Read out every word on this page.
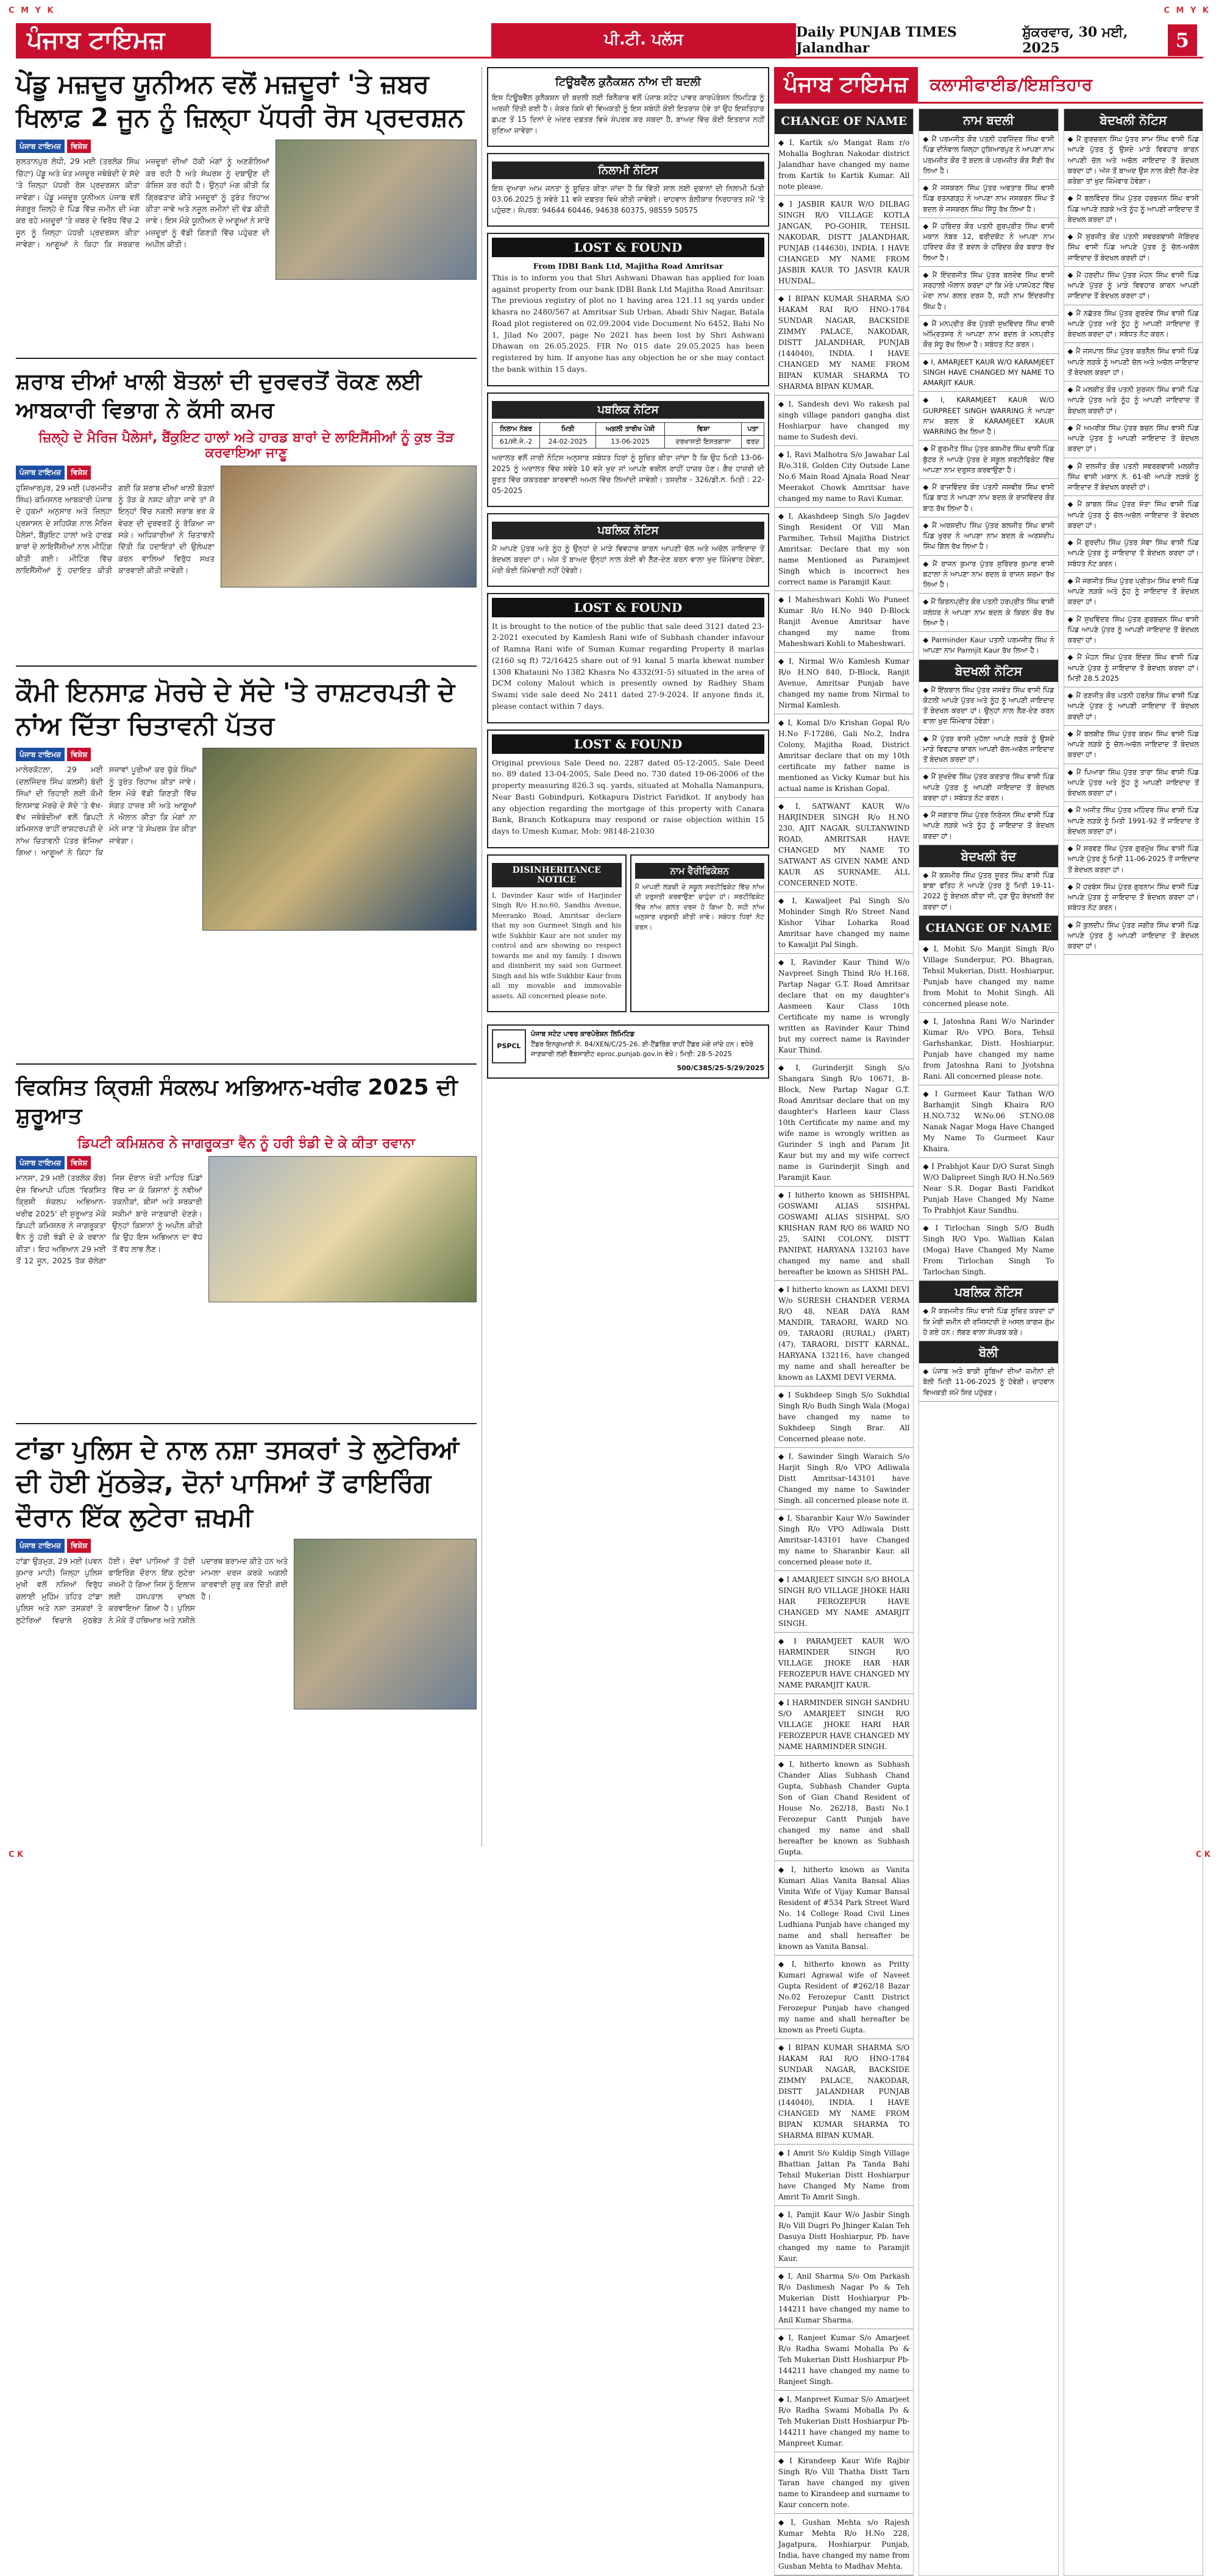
C M Y K	C M Y K
ਪੰਜਾਬ ਟਾਇਮਜ਼	ਪੀ.ਟੀ. ਪਲੱਸ	Daily PUNJAB TIMES Jalandhar

ਸ਼ੁੱਕਰਵਾਰ, 30 ਮਈ, 2025	5
ਪੇਂਡੂ ਮਜ਼ਦੂਰ ਯੂਨੀਅਨ ਵਲੋਂ ਮਜ਼ਦੂਰਾਂ 'ਤੇ ਜ਼ਬਰ ਖਿਲਾਫ਼ 2 ਜੂਨ ਨੂੰ ਜ਼ਿਲ੍ਹਾ ਪੱਧਰੀ ਰੋਸ ਪ੍ਰਦਰਸ਼ਨ
ਪੰਜਾਬ ਟਾਇਮਜ਼	ਵਿਸ਼ੇਸ਼
ਸੁਲਤਾਨਪੁਰ ਲੋਧੀ, 29 ਮਈ (ਤਰਲੋਕ ਸਿੰਘ ਚਿੱਟਾ) ਪੇਂਡੂ ਅਤੇ ਖੇਤ ਮਜ਼ਦੂਰ ਜਥੇਬੰਦੀ ਦੇ ਸੱਦੇ 'ਤੇ ਜ਼ਿਲ੍ਹਾ ਪੱਧਰੀ ਰੋਸ ਪ੍ਰਦਰਸ਼ਨ ਕੀਤਾ ਜਾਵੇਗਾ। ਪੇਂਡੂ ਮਜ਼ਦੂਰ ਯੂਨੀਅਨ ਪੰਜਾਬ ਵਲੋਂ ਸੰਗਰੂਰ ਜ਼ਿਲ੍ਹੇ ਦੇ ਪਿੰਡ ਵਿੱਚ ਜ਼ਮੀਨ ਦੀ ਮੰਗ ਕਰ ਰਹੇ ਮਜ਼ਦੂਰਾਂ 'ਤੇ ਜ਼ਬਰ ਦੇ ਵਿਰੋਧ ਵਿੱਚ 2 ਜੂਨ ਨੂੰ ਜ਼ਿਲ੍ਹਾ ਪੱਧਰੀ ਪ੍ਰਦਰਸ਼ਨ ਕੀਤਾ ਜਾਵੇਗਾ। ਆਗੂਆਂ ਨੇ ਕਿਹਾ ਕਿ ਸਰਕਾਰ ਮਜ਼ਦੂਰਾਂ ਦੀਆਂ ਹੱਕੀ ਮੰਗਾਂ ਨੂੰ ਅਣਗੌਲਿਆਂ ਕਰ ਰਹੀ ਹੈ ਅਤੇ ਸੰਘਰਸ਼ ਨੂੰ ਦਬਾਉਣ ਦੀ ਕੋਸ਼ਿਸ਼ ਕਰ ਰਹੀ ਹੈ। ਉਨ੍ਹਾਂ ਮੰਗ ਕੀਤੀ ਕਿ ਗ੍ਰਿਫ਼ਤਾਰ ਕੀਤੇ ਮਜ਼ਦੂਰਾਂ ਨੂੰ ਤੁਰੰਤ ਰਿਹਾਅ ਕੀਤਾ ਜਾਵੇ ਅਤੇ ਨਜ਼ੂਲ ਜ਼ਮੀਨਾਂ ਦੀ ਵੰਡ ਕੀਤੀ ਜਾਵੇ। ਇਸ ਮੌਕੇ ਯੂਨੀਅਨ ਦੇ ਆਗੂਆਂ ਨੇ ਸਾਰੇ ਮਜ਼ਦੂਰਾਂ ਨੂੰ ਵੱਡੀ ਗਿਣਤੀ ਵਿੱਚ ਪਹੁੰਚਣ ਦੀ ਅਪੀਲ ਕੀਤੀ।
ਸ਼ਰਾਬ ਦੀਆਂ ਖਾਲੀ ਬੋਤਲਾਂ ਦੀ ਦੁਰਵਰਤੋਂ ਰੋਕਣ ਲਈ ਆਬਕਾਰੀ ਵਿਭਾਗ ਨੇ ਕੱਸੀ ਕਮਰ
ਜ਼ਿਲ੍ਹੇ ਦੇ ਮੈਰਿਜ ਪੈਲੇਸਾਂ, ਬੈਂਕੁਇਟ ਹਾਲਾਂ ਅਤੇ ਹਾਰਡ ਬਾਰਾਂ ਦੇ ਲਾਇਸੈਂਸੀਆਂ ਨੂੰ ਕੁਝ ਤੋੜ ਕਰਵਾਇਆ ਜਾਣੂ
ਪੰਜਾਬ ਟਾਇਮਜ਼	ਵਿਸ਼ੇਸ਼
ਹੁਸ਼ਿਆਰਪੁਰ, 29 ਮਈ (ਪਰਮਜੀਤ ਸਿੰਘ) ਕਮਿਸ਼ਨਰ ਆਬਕਾਰੀ ਪੰਜਾਬ ਦੇ ਹੁਕਮਾਂ ਅਨੁਸਾਰ ਅਤੇ ਜ਼ਿਲ੍ਹਾ ਪ੍ਰਸ਼ਾਸਨ ਦੇ ਸਹਿਯੋਗ ਨਾਲ ਮੈਰਿਜ ਪੈਲੇਸਾਂ, ਬੈਂਕੁਇਟ ਹਾਲਾਂ ਅਤੇ ਹਾਰਡ ਬਾਰਾਂ ਦੇ ਲਾਇਸੈਂਸੀਆਂ ਨਾਲ ਮੀਟਿੰਗ ਕੀਤੀ ਗਈ। ਮੀਟਿੰਗ ਵਿੱਚ ਲਾਇਸੈਂਸੀਆਂ ਨੂੰ ਹਦਾਇਤ ਕੀਤੀ ਗਈ ਕਿ ਸ਼ਰਾਬ ਦੀਆਂ ਖਾਲੀ ਬੋਤਲਾਂ ਨੂੰ ਤੋੜ ਕੇ ਨਸ਼ਟ ਕੀਤਾ ਜਾਵੇ ਤਾਂ ਜੋ ਇਨ੍ਹਾਂ ਵਿੱਚ ਨਕਲੀ ਸ਼ਰਾਬ ਭਰ ਕੇ ਵੇਚਣ ਦੀ ਦੁਰਵਰਤੋਂ ਨੂੰ ਰੋਕਿਆ ਜਾ ਸਕੇ। ਅਧਿਕਾਰੀਆਂ ਨੇ ਚਿਤਾਵਨੀ ਦਿੱਤੀ ਕਿ ਹਦਾਇਤਾਂ ਦੀ ਉਲੰਘਣਾ ਕਰਨ ਵਾਲਿਆਂ ਵਿਰੁੱਧ ਸਖ਼ਤ ਕਾਰਵਾਈ ਕੀਤੀ ਜਾਵੇਗੀ।
ਕੌਮੀ ਇਨਸਾਫ਼ ਮੋਰਚੇ ਦੇ ਸੱਦੇ 'ਤੇ ਰਾਸ਼ਟਰਪਤੀ ਦੇ ਨਾਂਅ ਦਿੱਤਾ ਚਿਤਾਵਨੀ ਪੱਤਰ
ਪੰਜਾਬ ਟਾਇਮਜ਼	ਵਿਸ਼ੇਸ਼
ਮਾਲੇਰਕੋਟਲਾ, 29 ਮਈ (ਦਲਜਿੰਦਰ ਸਿੰਘ ਕਲਸੀ) ਬੰਦੀ ਸਿੰਘਾਂ ਦੀ ਰਿਹਾਈ ਲਈ ਕੌਮੀ ਇਨਸਾਫ਼ ਮੋਰਚੇ ਦੇ ਸੱਦੇ 'ਤੇ ਵੱਖ-ਵੱਖ ਜਥੇਬੰਦੀਆਂ ਵਲੋਂ ਡਿਪਟੀ ਕਮਿਸ਼ਨਰ ਰਾਹੀਂ ਰਾਸ਼ਟਰਪਤੀ ਦੇ ਨਾਂਅ ਚਿਤਾਵਨੀ ਪੱਤਰ ਭੇਜਿਆ ਗਿਆ। ਆਗੂਆਂ ਨੇ ਕਿਹਾ ਕਿ ਸਜ਼ਾਵਾਂ ਪੂਰੀਆਂ ਕਰ ਚੁੱਕੇ ਸਿੰਘਾਂ ਨੂੰ ਤੁਰੰਤ ਰਿਹਾਅ ਕੀਤਾ ਜਾਵੇ। ਇਸ ਮੌਕੇ ਵੱਡੀ ਗਿਣਤੀ ਵਿੱਚ ਸੰਗਤ ਹਾਜ਼ਰ ਸੀ ਅਤੇ ਆਗੂਆਂ ਨੇ ਐਲਾਨ ਕੀਤਾ ਕਿ ਮੰਗਾਂ ਨਾ ਮੰਨੇ ਜਾਣ 'ਤੇ ਸੰਘਰਸ਼ ਤੇਜ਼ ਕੀਤਾ ਜਾਵੇਗਾ।
ਵਿਕਸਿਤ ਕ੍ਰਿਸ਼ੀ ਸੰਕਲਪ ਅਭਿਆਨ-ਖਰੀਫ 2025 ਦੀ ਸ਼ੁਰੂਆਤ
ਡਿਪਟੀ ਕਮਿਸ਼ਨਰ ਨੇ ਜਾਗਰੂਕਤਾ ਵੈਨ ਨੂੰ ਹਰੀ ਝੰਡੀ ਦੇ ਕੇ ਕੀਤਾ ਰਵਾਨਾ
ਪੰਜਾਬ ਟਾਇਮਜ਼	ਵਿਸ਼ੇਸ਼
ਮਾਨਸਾ, 29 ਮਈ (ਤਰਲੋਕ ਕੌਰ) ਦੇਸ਼ ਵਿਆਪੀ ਪਹਿਲ 'ਵਿਕਸਿਤ ਕ੍ਰਿਸ਼ੀ ਸੰਕਲਪ ਅਭਿਆਨ-ਖਰੀਫ 2025' ਦੀ ਸ਼ੁਰੂਆਤ ਮੌਕੇ ਡਿਪਟੀ ਕਮਿਸ਼ਨਰ ਨੇ ਜਾਗਰੂਕਤਾ ਵੈਨ ਨੂੰ ਹਰੀ ਝੰਡੀ ਦੇ ਕੇ ਰਵਾਨਾ ਕੀਤਾ। ਇਹ ਅਭਿਆਨ 29 ਮਈ ਤੋਂ 12 ਜੂਨ, 2025 ਤੱਕ ਚੱਲੇਗਾ ਜਿਸ ਦੌਰਾਨ ਖੇਤੀ ਮਾਹਿਰ ਪਿੰਡਾਂ ਵਿੱਚ ਜਾ ਕੇ ਕਿਸਾਨਾਂ ਨੂੰ ਨਵੀਆਂ ਤਕਨੀਕਾਂ, ਬੀਜਾਂ ਅਤੇ ਸਰਕਾਰੀ ਸਕੀਮਾਂ ਬਾਰੇ ਜਾਣਕਾਰੀ ਦੇਣਗੇ। ਉਨ੍ਹਾਂ ਕਿਸਾਨਾਂ ਨੂੰ ਅਪੀਲ ਕੀਤੀ ਕਿ ਉਹ ਇਸ ਅਭਿਆਨ ਦਾ ਵੱਧ ਤੋਂ ਵੱਧ ਲਾਭ ਲੈਣ।
ਟਾਂਡਾ ਪੁਲਿਸ ਦੇ ਨਾਲ ਨਸ਼ਾ ਤਸਕਰਾਂ ਤੇ ਲੁਟੇਰਿਆਂ ਦੀ ਹੋਈ ਮੁੱਠਭੇੜ, ਦੋਨਾਂ ਪਾਸਿਆਂ ਤੋਂ ਫਾਇਰਿੰਗ ਦੌਰਾਨ ਇੱਕ ਲੁਟੇਰਾ ਜ਼ਖਮੀ
ਪੰਜਾਬ ਟਾਇਮਜ਼	ਵਿਸ਼ੇਸ਼
ਟਾਂਡਾ ਉੜਮੁੜ, 29 ਮਈ (ਪਵਨ ਕੁਮਾਰ ਮਾਹੀ) ਜ਼ਿਲ੍ਹਾ ਪੁਲਿਸ ਮੁਖੀ ਵਲੋਂ ਨਸ਼ਿਆਂ ਵਿਰੁੱਧ ਚਲਾਈ ਮੁਹਿੰਮ ਤਹਿਤ ਟਾਂਡਾ ਪੁਲਿਸ ਅਤੇ ਨਸ਼ਾ ਤਸਕਰਾਂ ਤੇ ਲੁਟੇਰਿਆਂ ਵਿਚਾਲੇ ਮੁੱਠਭੇੜ ਹੋਈ। ਦੋਵਾਂ ਪਾਸਿਆਂ ਤੋਂ ਹੋਈ ਫਾਇਰਿੰਗ ਦੌਰਾਨ ਇੱਕ ਲੁਟੇਰਾ ਜ਼ਖਮੀ ਹੋ ਗਿਆ ਜਿਸ ਨੂੰ ਇਲਾਜ ਲਈ ਹਸਪਤਾਲ ਦਾਖਲ ਕਰਵਾਇਆ ਗਿਆ ਹੈ। ਪੁਲਿਸ ਨੇ ਮੌਕੇ ਤੋਂ ਹਥਿਆਰ ਅਤੇ ਨਸ਼ੀਲੇ ਪਦਾਰਥ ਬਰਾਮਦ ਕੀਤੇ ਹਨ ਅਤੇ ਮਾਮਲਾ ਦਰਜ ਕਰਕੇ ਅਗਲੀ ਕਾਰਵਾਈ ਸ਼ੁਰੂ ਕਰ ਦਿੱਤੀ ਗਈ ਹੈ।
ਟਿਊਬਵੈੱਲ ਕੁਨੈਕਸ਼ਨ ਨਾਂਅ ਦੀ ਬਦਲੀ
ਇਸ ਟਿਊਬਵੈੱਲ ਕੁਨੈਕਸ਼ਨ ਦੀ ਬਦਲੀ ਲਈ ਬਿਨੈਕਾਰ ਵਲੋਂ ਪੰਜਾਬ ਸਟੇਟ ਪਾਵਰ ਕਾਰਪੋਰੇਸ਼ਨ ਲਿਮਟਿਡ ਨੂੰ ਅਰਜ਼ੀ ਦਿੱਤੀ ਗਈ ਹੈ। ਜੇਕਰ ਕਿਸੇ ਵੀ ਵਿਅਕਤੀ ਨੂੰ ਇਸ ਸਬੰਧੀ ਕੋਈ ਇਤਰਾਜ਼ ਹੋਵੇ ਤਾਂ ਉਹ ਇਸ਼ਤਿਹਾਰ ਛਪਣ ਤੋਂ 15 ਦਿਨਾਂ ਦੇ ਅੰਦਰ ਦਫ਼ਤਰ ਵਿਖੇ ਸੰਪਰਕ ਕਰ ਸਕਦਾ ਹੈ, ਬਾਅਦ ਵਿੱਚ ਕੋਈ ਇਤਰਾਜ਼ ਨਹੀਂ ਸੁਣਿਆ ਜਾਵੇਗਾ।
ਨਿਲਾਮੀ ਨੋਟਿਸ
ਇਸ ਦੁਆਰਾ ਆਮ ਜਨਤਾ ਨੂੰ ਸੂਚਿਤ ਕੀਤਾ ਜਾਂਦਾ ਹੈ ਕਿ ਵਿੱਤੀ ਸਾਲ ਲਈ ਦੁਕਾਨਾਂ ਦੀ ਨਿਲਾਮੀ ਮਿਤੀ 03.06.2025 ਨੂੰ ਸਵੇਰੇ 11 ਵਜੇ ਦਫ਼ਤਰ ਵਿਖੇ ਕੀਤੀ ਜਾਵੇਗੀ। ਚਾਹਵਾਨ ਬੋਲੀਕਾਰ ਨਿਰਧਾਰਤ ਸਮੇਂ 'ਤੇ ਪਹੁੰਚਣ। ਸੰਪਰਕ: 94644 60446, 94638 60375, 98559 50575
LOST & FOUND
From IDBI Bank Ltd, Majitha Road Amritsar
This is to inform you that Shri Ashwani Dhawan has applied for loan against property from our bank IDBI Bank Ltd Majitha Road Amritsar. The previous registry of plot no 1 having area 121.11 sq yards under khasra no 2480/567 at Amritsar Sub Urban, Abadi Shiv Nagar, Batala Road plot registered on 02.09.2004 vide Document No 6452, Bahi No 1, Jilad No 2007, page No 2021 has been lost by Shri Ashwani Dhawan on 26.05.2025. FIR No 015 date 29.05.2025 has been registered by him. If anyone has any objection he or she may contact the bank within 15 days.
ਪਬਲਿਕ ਨੋਟਿਸ
ਨਿਲਾਮ ਨੰਬਰ	ਮਿਤੀ	ਅਗਲੀ ਤਾਰੀਖ ਪੇਸ਼ੀ	ਵਿਸ਼ਾ	ਪਤਾ
61/ਸੀ.ਜੇ.-2	24-02-2025	13-06-2025	ਦਰਖਾਸਤੀ ਇਸਤਗਾਸਾ	ਫਰਦ
ਅਦਾਲਤ ਵਲੋਂ ਜਾਰੀ ਨੋਟਿਸ ਅਨੁਸਾਰ ਸਬੰਧਤ ਧਿਰਾਂ ਨੂੰ ਸੂਚਿਤ ਕੀਤਾ ਜਾਂਦਾ ਹੈ ਕਿ ਉਹ ਮਿਤੀ 13-06-2025 ਨੂੰ ਅਦਾਲਤ ਵਿੱਚ ਸਵੇਰੇ 10 ਵਜੇ ਖੁਦ ਜਾਂ ਆਪਣੇ ਵਕੀਲ ਰਾਹੀਂ ਹਾਜ਼ਰ ਹੋਣ। ਗੈਰ ਹਾਜ਼ਰੀ ਦੀ ਸੂਰਤ ਵਿੱਚ ਯਕਤਰਫ਼ਾ ਕਾਰਵਾਈ ਅਮਲ ਵਿੱਚ ਲਿਆਂਦੀ ਜਾਵੇਗੀ। ਤਸਦੀਕ - 326/ਡੀ.ਨ. ਮਿਤੀ : 22-05-2025
ਪਬਲਿਕ ਨੋਟਿਸ
ਮੈਂ ਆਪਣੇ ਪੁੱਤਰ ਅਤੇ ਨੂੰਹ ਨੂੰ ਉਨ੍ਹਾਂ ਦੇ ਮਾੜੇ ਵਿਵਹਾਰ ਕਾਰਨ ਆਪਣੀ ਚੱਲ ਅਤੇ ਅਚੱਲ ਜਾਇਦਾਦ ਤੋਂ ਬੇਦਖਲ ਕਰਦਾ ਹਾਂ। ਅੱਜ ਤੋਂ ਬਾਅਦ ਉਨ੍ਹਾਂ ਨਾਲ ਕੋਈ ਵੀ ਲੈਣ-ਦੇਣ ਕਰਨ ਵਾਲਾ ਖੁਦ ਜ਼ਿੰਮੇਵਾਰ ਹੋਵੇਗਾ, ਮੇਰੀ ਕੋਈ ਜ਼ਿੰਮੇਵਾਰੀ ਨਹੀਂ ਹੋਵੇਗੀ।
LOST & FOUND
It is brought to the notice of the public that sale deed 3121 dated 23-2-2021 executed by Kamlesh Rani wife of Subhash chander infavour of Ramna Rani wife of Suman Kumar regarding Property 8 marlas (2160 sq ft) 72/16425 share out of 91 kanal 5 marla khewat number 1308 Khatauni No 1382 Khasra No 4332(91-5) situated in the area of DCM colony Malout which is presently owned by Radhey Sham Swami vide sale deed No 2411 dated 27-9-2024. If anyone finds it, please contact within 7 days.
LOST & FOUND
Original previous Sale Deed no. 2287 dated 05-12-2005, Sale Deed no. 89 dated 13-04-2005, Sale Deed no. 730 dated 19-06-2006 of the property measuring 826.3 sq. yards, situated at Mohalla Namanpura, Near Basti Gobindpuri, Kotkapura District Faridkot. If anybody has any objection regarding the mortgage of this property with Canara Bank, Branch Kotkapura may respond or raise objection within 15 days to Umesh Kumar, Mob: 98148-21030
DISINHERITANCE NOTICE
I, Davinder Kaur wife of Harjinder Singh R/o H.no.60, Sandhu Avenue, Meeranko Road, Amritsar declare that my son Gurmeet Singh and his wife Sukhbir Kaur are not under my control and are showing no respect towards me and my family. I disown and disinherit my said son Gurmeet Singh and his wife Sukhbir Kaur from all my movable and immovable assets. All concerned please note.
ਨਾਮ ਵੈਰੀਫਿਕੇਸ਼ਨ
ਮੈਂ ਆਪਣੀ ਲੜਕੀ ਦੇ ਸਕੂਲ ਸਰਟੀਫਿਕੇਟ ਵਿੱਚ ਨਾਂਅ ਦੀ ਦਰੁਸਤੀ ਕਰਵਾਉਣਾ ਚਾਹੁੰਦਾ ਹਾਂ। ਸਰਟੀਫਿਕੇਟ ਵਿੱਚ ਨਾਂਅ ਗਲਤ ਦਰਜ ਹੋ ਗਿਆ ਹੈ, ਸਹੀ ਨਾਂਅ ਅਨੁਸਾਰ ਦਰੁਸਤੀ ਕੀਤੀ ਜਾਵੇ। ਸਬੰਧਤ ਧਿਰਾਂ ਨੋਟ ਕਰਨ।
PSPCL
ਪੰਜਾਬ ਸਟੇਟ ਪਾਵਰ ਕਾਰਪੋਰੇਸ਼ਨ ਲਿਮਿਟਿਡ
ਟੈਂਡਰ ਇਨਕੁਆਰੀ ਨੰ. 84/XEN/C/25-26. ਈ-ਟੈਂਡਰਿੰਗ ਰਾਹੀਂ ਟੈਂਡਰ ਮੰਗੇ ਜਾਂਦੇ ਹਨ। ਵਧੇਰੇ ਜਾਣਕਾਰੀ ਲਈ ਵੈੱਬਸਾਈਟ eproc.punjab.gov.in ਵੇਖੋ। ਮਿਤੀ: 28-5-2025
500/C385/25-5/29/2025
ਪੰਜਾਬ ਟਾਇਮਜ਼	ਕਲਾਸੀਫਾਈਡ/ਇਸ਼ਤਿਹਾਰ
CHANGE OF NAME
◆ I, Kartik s/o Mangat Ram r/o Mohalla Boghran Nakodar district Jalandhar have changed my name from Kartik to Kartik Kumar. All note please.
◆ I JASBIR KAUR W/O DILBAG SINGH R/O VILLAGE KOTLA JANGAN, PO-GOHIR, TEHSIL NAKODAR, DISTT JALANDHAR, PUNJAB (144630), INDIA. I HAVE CHANGED MY NAME FROM JASBIR KAUR TO JASVIR KAUR HUNDAL.
◆ I BIPAN KUMAR SHARMA S/O HAKAM RAI R/O HNO-1784 SUNDAR NAGAR, BACKSIDE ZIMMY PALACE, NAKODAR, DISTT JALANDHAR, PUNJAB (144040), INDIA. I HAVE CHANGED MY NAME FROM BIPAN KUMAR SHARMA TO SHARMA BIPAN KUMAR.
◆ I, Sandesh devi Wo rakesh pal singh village pandori gangha dist Hoshiarpur have changed my name to Sudesh devi.
◆ I, Ravi Malhotra S/o Jawahar Lal R/o.318, Golden City Outside Lane No.6 Main Road Ajnala Road Near Meerakot Chowk Amritsar have changed my name to Ravi Kumar.
◆ I, Akashdeep Singh S/o Jagdev Singh Resident Of Vill Man Parmiher, Tehsil Majitha District Amritsar. Declare that my son name Mentioned as Paramjeet Singh which is incorrect hes correct name is Paramjit Kaur.
◆ I Maheshwari Kohli Wo Puneet Kumar R/o H.No 940 D-Block Ranjit Avenue Amritsar have changed my name from Maheshwari Kohli to Maheshwari.
◆ I, Nirmal W/o Kamlesh Kumar R/o H.NO 840, D-Block, Ranjit Avenue, Amritsar Punjab have changed my name from Nirmal to Nirmal Kamlesh.
◆ I, Komal D/o Krishan Gopal R/o H.No F-17286, Gali No.2, Indra Colony, Majitha Road, District Amritsar declare that on my 10th certificate my father name is mentioned as Vicky Kumar but his actual name is Krishan Gopal.
◆ I, SATWANT KAUR W/o HARJINDER SINGH R/o H.NO 230, AJIT NAGAR, SULTANWIND ROAD, AMRITSAR HAVE CHANGED MY NAME TO SATWANT AS GIVEN NAME AND KAUR AS SURNAME. ALL CONCERNED NOTE.
◆ I, Kawaljeet Pal Singh S/o Mohinder Singh R/o Street Nand Kishor Vihar Loharka Road Amritsar have changed my name to Kawaljit Pal Singh.
◆ I, Ravinder Kaur Thind W/o Navpreet Singh Thind R/o H.168, Partap Nagar G.T. Road Amritsar declare that on my daughter's Aasmeen Kaur Class 10th Certificate my name is wrongly written as Ravinder Kaur Thind but my correct name is Ravinder Kaur Thind.
◆ I, Gurinderjit Singh S/o Shangara Singh R/o 10671, B-Block, New Partap Nagar G.T. Road Amritsar declare that on my daughter's Harleen kaur Class 10th Certificate my name and my wife name is wrongly written as Gurinder S ingh and Param Jit Kaur but my and my wife correct name is Gurinderjit Singh and Paramjit Kaur.
◆ I hitherto known as SHISHPAL GOSWAMI ALIAS SISHPAL GOSWAMI ALIAS SISHPAL S/O KRISHAN RAM R/O 86 WARD NO 25, SAINI COLONY, DISTT PANIPAT, HARYANA 132103 have changed my name and shall hereafter be known as SHISH PAL.
◆ I hitherto known as LAXMI DEVI W/o SURESH CHANDER VERMA R/O 48, NEAR DAYA RAM MANDIR, TARAORI, WARD NO. 09, TARAORI (RURAL) (PART) (47), TARAORI, DISTT KARNAL, HARYANA 132116, have changed my name and shall hereafter be known as LAXMI DEVI VERMA.
◆ I Sukhdeep Singh S/o Sukhdial Singh R/o Budh Singh Wala (Moga) have changed my name to Sukhdeep Singh Brar. All Concerned please note.
◆ I, Sawinder Singh Waraich S/o Harjit Singh R/o VPO Adliwala Distt Amritsar-143101 have Changed my name to Sawinder Singh. all concerned please note it.
◆ I, Sharanbir Kaur W/o Sawinder Singh R/o VPO Adliwala Distt Amritsar-143101 have Changed my name to Sharanbir Kaur. all concerned please note it.
◆ I AMARJEET SINGH S/O BHOLA SINGH R/O VILLAGE JHOKE HARI HAR FEROZEPUR HAVE CHANGED MY NAME AMARJIT SINGH.
◆ I PARAMJEET KAUR W/O HARMINDER SINGH R/O VILLAGE JHOKE HAR HAR FEROZEPUR HAVE CHANGED MY NAME PARAMJIT KAUR.
◆ I HARMINDER SINGH SANDHU S/O AMARJEET SINGH R/O VILLAGE JHOKE HARI HAR FEROZEPUR HAVE CHANGED MY NAME HARMINDER SINGH.
◆ I, hitherto known as Subhash Chander Alias Subhash Chand Gupta, Subhash Chander Gupta Son of Gian Chand Resident of House No. 262/18, Basti No.1 Ferozepur Cantt Punjab have changed my name and shall hereafter be known as Subhash Gupta.
◆ I, hitherto known as Vanita Kumari Alias Vanita Bansal Alias Vinita Wife of Vijay Kumar Bansal Resident of #534 Park Street Ward No. 14 College Road Civil Lines Ludhiana Punjab have changed my name and shall hereafter be known as Vanita Bansal.
◆ I, hitherto known as Pritty Kumari Agrawal wife of Naveet Gupta Resident of #262/18 Bazar No.02 Ferozepur Cantt District Ferozepur Punjab have changed my name and shall hereafter be known as Preeti Gupta.
◆ I BIPAN KUMAR SHARMA S/O HAKAM RAI R/O HNO-1784 SUNDAR NAGAR, BACKSIDE ZIMMY PALACE, NAKODAR, DISTT JALANDHAR PUNJAB (144040), INDIA. I HAVE CHANGED MY NAME FROM BIPAN KUMAR SHARMA TO SHARMA BIPAN KUMAR.
◆ I Amrit S/o Kuldip Singh Village Bhattian Jattan Pa Tanda Bahi Tehsil Mukerian Distt Hoshiarpur have Changed My Name from Amrit To Amrit Singh.
◆ I, Pamjit Kaur W/o Jasbir Singh R/o Vill Dugri Po Jhinger Kalan Teh Dasuya Distt Hoshiarpur, Pb. have changed my name to Paramjit Kaur.
◆ I, Anil Sharma S/o Om Parkash R/o Dashmesh Nagar Po & Teh Mukerian Distt Hoshiarpur Pb-144211 have changed my name to Anil Kumar Sharma.
◆ I, Ranjeet Kumar S/o Amarjeet R/o Radha Swami Mohalla Po & Teh Mukerian Distt Hoshiarpur Pb-144211 have changed my name to Ranjeet Singh.
◆ I, Manpreet Kumar S/o Amarjeet R/o Radha Swami Mohalla Po & Teh Mukerian Distt Hoshiarpur Pb-144211 have changed my name to Manpreet Kumar.
◆ I Kirandeep Kaur Wife Rajbir Singh R/o Vill Thatha Distt Tarn Taran have changed my given name to Kirandeep and surname to Kaur concern note.
◆ I, Gushan Mehta s/o Rajesh Kumar Mehta R/o H.No 228, Jagatpura, Hoshiarpur Punjab, India, have changed my name from Gushan Mehta to Madhav Mehta.
ਨਾਮ ਬਦਲੀ
◆ ਮੈਂ ਪਰਮਜੀਤ ਕੌਰ ਪਤਨੀ ਹਰਜਿੰਦਰ ਸਿੰਘ ਵਾਸੀ ਪਿੰਡ ਦੀਨੇਵਾਲ ਜ਼ਿਲ੍ਹਾ ਹੁਸ਼ਿਆਰਪੁਰ ਨੇ ਆਪਣਾ ਨਾਮ ਪਰਮਜੀਤ ਕੌਰ ਤੋਂ ਬਦਲ ਕੇ ਪਰਮਜੀਤ ਕੌਰ ਸੈਣੀ ਰੱਖ ਲਿਆ ਹੈ।
◆ ਮੈਂ ਜਸਕਰਨ ਸਿੰਘ ਪੁੱਤਰ ਅਵਤਾਰ ਸਿੰਘ ਵਾਸੀ ਪਿੰਡ ਰਤਨਗੜ੍ਹ ਨੇ ਆਪਣਾ ਨਾਮ ਜਸਕਰਨ ਸਿੰਘ ਤੋਂ ਬਦਲ ਕੇ ਜਸਕਰਨ ਸਿੰਘ ਸਿੱਧੂ ਰੱਖ ਲਿਆ ਹੈ।
◆ ਮੈਂ ਹਰਿੰਦਰ ਕੌਰ ਪਤਨੀ ਗੁਰਪ੍ਰੀਤ ਸਿੰਘ ਵਾਸੀ ਮਕਾਨ ਨੰਬਰ 12, ਫਰੀਦਕੋਟ ਨੇ ਆਪਣਾ ਨਾਮ ਹਰਿੰਦਰ ਕੌਰ ਤੋਂ ਬਦਲ ਕੇ ਹਰਿੰਦਰ ਕੌਰ ਬਰਾੜ ਰੱਖ ਲਿਆ ਹੈ।
◆ ਮੈਂ ਇੰਦਰਜੀਤ ਸਿੰਘ ਪੁੱਤਰ ਬਲਦੇਵ ਸਿੰਘ ਵਾਸੀ ਸਰਹਾਲੀ ਐਲਾਨ ਕਰਦਾ ਹਾਂ ਕਿ ਮੇਰੇ ਪਾਸਪੋਰਟ ਵਿੱਚ ਮੇਰਾ ਨਾਮ ਗਲਤ ਦਰਜ ਹੈ, ਸਹੀ ਨਾਮ ਇੰਦਰਜੀਤ ਸਿੰਘ ਹੈ।
◆ ਮੈਂ ਮਨਪ੍ਰੀਤ ਕੌਰ ਪੁੱਤਰੀ ਸੁਖਵਿੰਦਰ ਸਿੰਘ ਵਾਸੀ ਅੰਮ੍ਰਿਤਸਰ ਨੇ ਆਪਣਾ ਨਾਮ ਬਦਲ ਕੇ ਮਨਪ੍ਰੀਤ ਕੌਰ ਸੰਧੂ ਰੱਖ ਲਿਆ ਹੈ। ਸਬੰਧਤ ਨੋਟ ਕਰਨ।
◆ I, AMARJEET KAUR W/O KARAMJEET SINGH HAVE CHANGED MY NAME TO AMARJIT KAUR.
◆ I, KARAMJEET KAUR W/O GURPREET SINGH WARRING ਨੇ ਆਪਣਾ ਨਾਮ ਬਦਲ ਕੇ KARAMJEET KAUR WARRING ਰੱਖ ਲਿਆ ਹੈ।
◆ ਮੈਂ ਗੁਰਮੀਤ ਸਿੰਘ ਪੁੱਤਰ ਕਸ਼ਮੀਰ ਸਿੰਘ ਵਾਸੀ ਪਿੰਡ ਬੁੱਟਰ ਨੇ ਆਪਣੇ ਪੁੱਤਰ ਦੇ ਸਕੂਲ ਸਰਟੀਫਿਕੇਟ ਵਿੱਚ ਆਪਣਾ ਨਾਮ ਦਰੁਸਤ ਕਰਵਾਉਣਾ ਹੈ।
◆ ਮੈਂ ਰਾਜਵਿੰਦਰ ਕੌਰ ਪਤਨੀ ਜਸਵੀਰ ਸਿੰਘ ਵਾਸੀ ਪਿੰਡ ਬਾਠ ਨੇ ਆਪਣਾ ਨਾਮ ਬਦਲ ਕੇ ਰਾਜਵਿੰਦਰ ਕੌਰ ਬਾਠ ਰੱਖ ਲਿਆ ਹੈ।
◆ ਮੈਂ ਅਰਸ਼ਦੀਪ ਸਿੰਘ ਪੁੱਤਰ ਬਲਜੀਤ ਸਿੰਘ ਵਾਸੀ ਪਿੰਡ ਖੁਰਦ ਨੇ ਆਪਣਾ ਨਾਮ ਬਦਲ ਕੇ ਅਰਸ਼ਦੀਪ ਸਿੰਘ ਗਿੱਲ ਰੱਖ ਲਿਆ ਹੈ।
◆ ਮੈਂ ਰਾਜਨ ਕੁਮਾਰ ਪੁੱਤਰ ਸੁਰਿੰਦਰ ਕੁਮਾਰ ਵਾਸੀ ਬਟਾਲਾ ਨੇ ਆਪਣਾ ਨਾਮ ਬਦਲ ਕੇ ਰਾਜਨ ਸ਼ਰਮਾ ਰੱਖ ਲਿਆ ਹੈ।
◆ ਮੈਂ ਕਿਰਨਪ੍ਰੀਤ ਕੌਰ ਪਤਨੀ ਹਰਪ੍ਰੀਤ ਸਿੰਘ ਵਾਸੀ ਜਲੰਧਰ ਨੇ ਆਪਣਾ ਨਾਮ ਬਦਲ ਕੇ ਕਿਰਨ ਕੌਰ ਰੱਖ ਲਿਆ ਹੈ।
◆ Parminder Kaur ਪਤਨੀ ਪਰਮਜੀਤ ਸਿੰਘ ਨੇ ਆਪਣਾ ਨਾਮ Parmjit Kaur ਰੱਖ ਲਿਆ ਹੈ।
ਬੇਦਖਲੀ ਨੋਟਿਸ
◆ ਮੈਂ ਇੱਕਬਾਲ ਸਿੰਘ ਪੁੱਤਰ ਜਸਵੰਤ ਸਿੰਘ ਵਾਸੀ ਪਿੰਡ ਕੋਟਲੀ ਆਪਣੇ ਪੁੱਤਰ ਅਤੇ ਨੂੰਹ ਨੂੰ ਆਪਣੀ ਜਾਇਦਾਦ ਤੋਂ ਬੇਦਖਲ ਕਰਦਾ ਹਾਂ। ਉਨ੍ਹਾਂ ਨਾਲ ਲੈਣ-ਦੇਣ ਕਰਨ ਵਾਲਾ ਖੁਦ ਜ਼ਿੰਮੇਵਾਰ ਹੋਵੇਗਾ।
◆ ਮੈਂ ਪੁੱਤਰ ਵਾਸੀ ਮੁਹੱਲਾ ਆਪਣੇ ਲੜਕੇ ਨੂੰ ਉਸਦੇ ਮਾੜੇ ਵਿਵਹਾਰ ਕਾਰਨ ਆਪਣੀ ਚੱਲ-ਅਚੱਲ ਜਾਇਦਾਦ ਤੋਂ ਬੇਦਖਲ ਕਰਦਾ ਹਾਂ।
◆ ਮੈਂ ਸੁਖਦੇਵ ਸਿੰਘ ਪੁੱਤਰ ਕਰਤਾਰ ਸਿੰਘ ਵਾਸੀ ਪਿੰਡ ਆਪਣੇ ਪੁੱਤਰ ਨੂੰ ਆਪਣੀ ਜਾਇਦਾਦ ਤੋਂ ਬੇਦਖਲ ਕਰਦਾ ਹਾਂ। ਸਬੰਧਤ ਨੋਟ ਕਰਨ।
◆ ਮੈਂ ਜਗਤਾਰ ਸਿੰਘ ਪੁੱਤਰ ਨਿਰੰਜਨ ਸਿੰਘ ਵਾਸੀ ਪਿੰਡ ਆਪਣੇ ਲੜਕੇ ਅਤੇ ਨੂੰਹ ਨੂੰ ਜਾਇਦਾਦ ਤੋਂ ਬੇਦਖਲ ਕਰਦਾ ਹਾਂ।
ਬੇਦਖਲੀ ਰੱਦ
◆ ਮੈਂ ਕਸ਼ਮੀਰ ਸਿੰਘ ਪੁੱਤਰ ਸੂਰਤ ਸਿੰਘ ਵਾਸੀ ਪਿੰਡ ਬਾਬਾ ਫਤਿਹ ਨੇ ਆਪਣੇ ਪੁੱਤਰ ਨੂੰ ਮਿਤੀ 19-11-2022 ਨੂੰ ਬੇਦਖਲ ਕੀਤਾ ਸੀ, ਹੁਣ ਉਹ ਬੇਦਖਲੀ ਰੱਦ ਕਰਦਾ ਹਾਂ।
CHANGE OF NAME
◆ I, Mohit S/o Manjit Singh R/o Village Sunderpur, PO. Bhagran, Tehsil Mukerian, Distt. Hoshiarpur, Punjab have changed my name from Mohit to Mohit Singh. All concerned please note.
◆ I, Jatoshna Rani W/o Narinder Kumar R/o VPO. Bora, Tehsil Garhshankar, Distt. Hoshiarpur, Punjab have changed my name from Jatoshna Rani to Jyotshna Rani. All concerned please note.
◆ I Gurmeet Kaur Tathan W/O Barhamjit Singh Khaira R/O H.NO.732 W.No.06 ST.NO.08 Nanak Nagar Moga Have Changed My Name To Gurmeet Kaur Khaira.
◆ I Prabhjot Kaur D/O Surat Singh W/O Dalipreet Singh R/O H.No.569 Near S.R. Dogar Basti Faridkot Punjab Have Changed My Name To Prabhjot Kaur Sandhu.
◆ I Tirlochan Singh S/O Budh Singh R/O Vpo. Wallian Kalan (Moga) Have Changed My Name From Tirlochan Singh To Tarlochan Singh.
ਪਬਲਿਕ ਨੋਟਿਸ
◆ ਮੈਂ ਕਰਮਜੀਤ ਸਿੰਘ ਵਾਸੀ ਪਿੰਡ ਸੂਚਿਤ ਕਰਦਾ ਹਾਂ ਕਿ ਮੇਰੀ ਜ਼ਮੀਨ ਦੀ ਰਜਿਸਟਰੀ ਦੇ ਅਸਲ ਕਾਗਜ਼ ਗੁੰਮ ਹੋ ਗਏ ਹਨ। ਲੱਭਣ ਵਾਲਾ ਸੰਪਰਕ ਕਰੇ।
ਬੋਲੀ
◆ ਪੰਜਾਬ ਅਤੇ ਬਾਕੀ ਸੂਬਿਆਂ ਦੀਆਂ ਜ਼ਮੀਨਾਂ ਦੀ ਬੋਲੀ ਮਿਤੀ 11-06-2025 ਨੂੰ ਹੋਵੇਗੀ। ਚਾਹਵਾਨ ਵਿਅਕਤੀ ਸਮੇਂ ਸਿਰ ਪਹੁੰਚਣ।
ਬੇਦਖਲੀ ਨੋਟਿਸ
◆ ਮੈਂ ਗੁਰਚਰਨ ਸਿੰਘ ਪੁੱਤਰ ਸ਼ਾਮ ਸਿੰਘ ਵਾਸੀ ਪਿੰਡ ਆਪਣੇ ਪੁੱਤਰ ਨੂੰ ਉਸਦੇ ਮਾੜੇ ਵਿਵਹਾਰ ਕਾਰਨ ਆਪਣੀ ਚੱਲ ਅਤੇ ਅਚੱਲ ਜਾਇਦਾਦ ਤੋਂ ਬੇਦਖਲ ਕਰਦਾ ਹਾਂ। ਅੱਜ ਤੋਂ ਬਾਅਦ ਉਸ ਨਾਲ ਕੋਈ ਲੈਣ-ਦੇਣ ਕਰੇਗਾ ਤਾਂ ਖੁਦ ਜ਼ਿੰਮੇਵਾਰ ਹੋਵੇਗਾ।
◆ ਮੈਂ ਬਲਵਿੰਦਰ ਸਿੰਘ ਪੁੱਤਰ ਹਰਭਜਨ ਸਿੰਘ ਵਾਸੀ ਪਿੰਡ ਆਪਣੇ ਲੜਕੇ ਅਤੇ ਨੂੰਹ ਨੂੰ ਆਪਣੀ ਜਾਇਦਾਦ ਤੋਂ ਬੇਦਖਲ ਕਰਦਾ ਹਾਂ।
◆ ਮੈਂ ਸੁਰਜੀਤ ਕੌਰ ਪਤਨੀ ਸਵਰਗਵਾਸੀ ਜੋਗਿੰਦਰ ਸਿੰਘ ਵਾਸੀ ਪਿੰਡ ਆਪਣੇ ਪੁੱਤਰ ਨੂੰ ਚੱਲ-ਅਚੱਲ ਜਾਇਦਾਦ ਤੋਂ ਬੇਦਖਲ ਕਰਦੀ ਹਾਂ।
◆ ਮੈਂ ਹਰਦੀਪ ਸਿੰਘ ਪੁੱਤਰ ਮੋਹਨ ਸਿੰਘ ਵਾਸੀ ਪਿੰਡ ਆਪਣੇ ਪੁੱਤਰ ਨੂੰ ਮਾੜੇ ਵਿਵਹਾਰ ਕਾਰਨ ਆਪਣੀ ਜਾਇਦਾਦ ਤੋਂ ਬੇਦਖਲ ਕਰਦਾ ਹਾਂ।
◆ ਮੈਂ ਨਛੱਤਰ ਸਿੰਘ ਪੁੱਤਰ ਗੁਰਦੇਵ ਸਿੰਘ ਵਾਸੀ ਪਿੰਡ ਆਪਣੇ ਪੁੱਤਰ ਅਤੇ ਨੂੰਹ ਨੂੰ ਆਪਣੀ ਜਾਇਦਾਦ ਤੋਂ ਬੇਦਖਲ ਕਰਦਾ ਹਾਂ। ਸਬੰਧਤ ਨੋਟ ਕਰਨ।
◆ ਮੈਂ ਜਸਪਾਲ ਸਿੰਘ ਪੁੱਤਰ ਕਰਨੈਲ ਸਿੰਘ ਵਾਸੀ ਪਿੰਡ ਆਪਣੇ ਲੜਕੇ ਨੂੰ ਆਪਣੀ ਚੱਲ ਅਤੇ ਅਚੱਲ ਜਾਇਦਾਦ ਤੋਂ ਬੇਦਖਲ ਕਰਦਾ ਹਾਂ।
◆ ਮੈਂ ਮਲਕੀਤ ਕੌਰ ਪਤਨੀ ਸੁਰਜਨ ਸਿੰਘ ਵਾਸੀ ਪਿੰਡ ਆਪਣੇ ਪੁੱਤਰ ਅਤੇ ਨੂੰਹ ਨੂੰ ਆਪਣੀ ਜਾਇਦਾਦ ਤੋਂ ਬੇਦਖਲ ਕਰਦੀ ਹਾਂ।
◆ ਮੈਂ ਅਮਰੀਕ ਸਿੰਘ ਪੁੱਤਰ ਬਚਨ ਸਿੰਘ ਵਾਸੀ ਪਿੰਡ ਆਪਣੇ ਪੁੱਤਰ ਨੂੰ ਆਪਣੀ ਜਾਇਦਾਦ ਤੋਂ ਬੇਦਖਲ ਕਰਦਾ ਹਾਂ।
◆ ਮੈਂ ਦਲਜੀਤ ਕੌਰ ਪਤਨੀ ਸਵਰਗਵਾਸੀ ਮਲਕੀਤ ਸਿੰਘ ਵਾਸੀ ਮਕਾਨ ਨੰ. 61-ਬੀ ਆਪਣੇ ਲੜਕੇ ਨੂੰ ਜਾਇਦਾਦ ਤੋਂ ਬੇਦਖਲ ਕਰਦੀ ਹਾਂ।
◆ ਮੈਂ ਕਾਬਲ ਸਿੰਘ ਪੁੱਤਰ ਸੰਤਾ ਸਿੰਘ ਵਾਸੀ ਪਿੰਡ ਆਪਣੇ ਪੁੱਤਰ ਨੂੰ ਚੱਲ-ਅਚੱਲ ਜਾਇਦਾਦ ਤੋਂ ਬੇਦਖਲ ਕਰਦਾ ਹਾਂ।
◆ ਮੈਂ ਗੁਰਦੀਪ ਸਿੰਘ ਪੁੱਤਰ ਸੇਵਾ ਸਿੰਘ ਵਾਸੀ ਪਿੰਡ ਆਪਣੇ ਪੁੱਤਰ ਨੂੰ ਜਾਇਦਾਦ ਤੋਂ ਬੇਦਖਲ ਕਰਦਾ ਹਾਂ। ਸਬੰਧਤ ਨੋਟ ਕਰਨ।
◆ ਮੈਂ ਜਗਜੀਤ ਸਿੰਘ ਪੁੱਤਰ ਪ੍ਰੀਤਮ ਸਿੰਘ ਵਾਸੀ ਪਿੰਡ ਆਪਣੇ ਲੜਕੇ ਅਤੇ ਨੂੰਹ ਨੂੰ ਜਾਇਦਾਦ ਤੋਂ ਬੇਦਖਲ ਕਰਦਾ ਹਾਂ।
◆ ਮੈਂ ਸੁਖਵਿੰਦਰ ਸਿੰਘ ਪੁੱਤਰ ਗੁਰਬਚਨ ਸਿੰਘ ਵਾਸੀ ਪਿੰਡ ਆਪਣੇ ਪੁੱਤਰ ਨੂੰ ਆਪਣੀ ਜਾਇਦਾਦ ਤੋਂ ਬੇਦਖਲ ਕਰਦਾ ਹਾਂ।
◆ ਮੈਂ ਮੋਹਨ ਸਿੰਘ ਪੁੱਤਰ ਇੰਦਰ ਸਿੰਘ ਵਾਸੀ ਪਿੰਡ ਆਪਣੇ ਪੁੱਤਰ ਨੂੰ ਜਾਇਦਾਦ ਤੋਂ ਬੇਦਖਲ ਕਰਦਾ ਹਾਂ। ਮਿਤੀ 28.5.2025
◆ ਮੈਂ ਰਣਜੀਤ ਕੌਰ ਪਤਨੀ ਹਰਨੇਕ ਸਿੰਘ ਵਾਸੀ ਪਿੰਡ ਆਪਣੇ ਪੁੱਤਰ ਨੂੰ ਆਪਣੀ ਜਾਇਦਾਦ ਤੋਂ ਬੇਦਖਲ ਕਰਦੀ ਹਾਂ।
◆ ਮੈਂ ਬਲਬੀਰ ਸਿੰਘ ਪੁੱਤਰ ਕਰਮ ਸਿੰਘ ਵਾਸੀ ਪਿੰਡ ਆਪਣੇ ਲੜਕੇ ਨੂੰ ਚੱਲ-ਅਚੱਲ ਜਾਇਦਾਦ ਤੋਂ ਬੇਦਖਲ ਕਰਦਾ ਹਾਂ।
◆ ਮੈਂ ਪਿਆਰਾ ਸਿੰਘ ਪੁੱਤਰ ਤਾਰਾ ਸਿੰਘ ਵਾਸੀ ਪਿੰਡ ਆਪਣੇ ਪੁੱਤਰ ਅਤੇ ਨੂੰਹ ਨੂੰ ਆਪਣੀ ਜਾਇਦਾਦ ਤੋਂ ਬੇਦਖਲ ਕਰਦਾ ਹਾਂ।
◆ ਮੈਂ ਅਜੀਤ ਸਿੰਘ ਪੁੱਤਰ ਮਹਿੰਦਰ ਸਿੰਘ ਵਾਸੀ ਪਿੰਡ ਆਪਣੇ ਲੜਕੇ ਨੂੰ ਮਿਤੀ 1991-92 ਤੋਂ ਜਾਇਦਾਦ ਤੋਂ ਬੇਦਖਲ ਕਰਦਾ ਹਾਂ।
◆ ਮੈਂ ਸਰਵਣ ਸਿੰਘ ਪੁੱਤਰ ਗੁਰਮੁੱਖ ਸਿੰਘ ਵਾਸੀ ਪਿੰਡ ਆਪਣੇ ਪੁੱਤਰ ਨੂੰ ਮਿਤੀ 11-06-2025 ਤੋਂ ਜਾਇਦਾਦ ਤੋਂ ਬੇਦਖਲ ਕਰਦਾ ਹਾਂ।
◆ ਮੈਂ ਹਰਬੰਸ ਸਿੰਘ ਪੁੱਤਰ ਗੁਰਨਾਮ ਸਿੰਘ ਵਾਸੀ ਪਿੰਡ ਆਪਣੇ ਪੁੱਤਰ ਨੂੰ ਜਾਇਦਾਦ ਤੋਂ ਬੇਦਖਲ ਕਰਦਾ ਹਾਂ। ਸਬੰਧਤ ਨੋਟ ਕਰਨ।
◆ ਮੈਂ ਕੁਲਦੀਪ ਸਿੰਘ ਪੁੱਤਰ ਜਗੀਰ ਸਿੰਘ ਵਾਸੀ ਪਿੰਡ ਆਪਣੇ ਪੁੱਤਰ ਨੂੰ ਆਪਣੀ ਜਾਇਦਾਦ ਤੋਂ ਬੇਦਖਲ ਕਰਦਾ ਹਾਂ।
C K	C K
